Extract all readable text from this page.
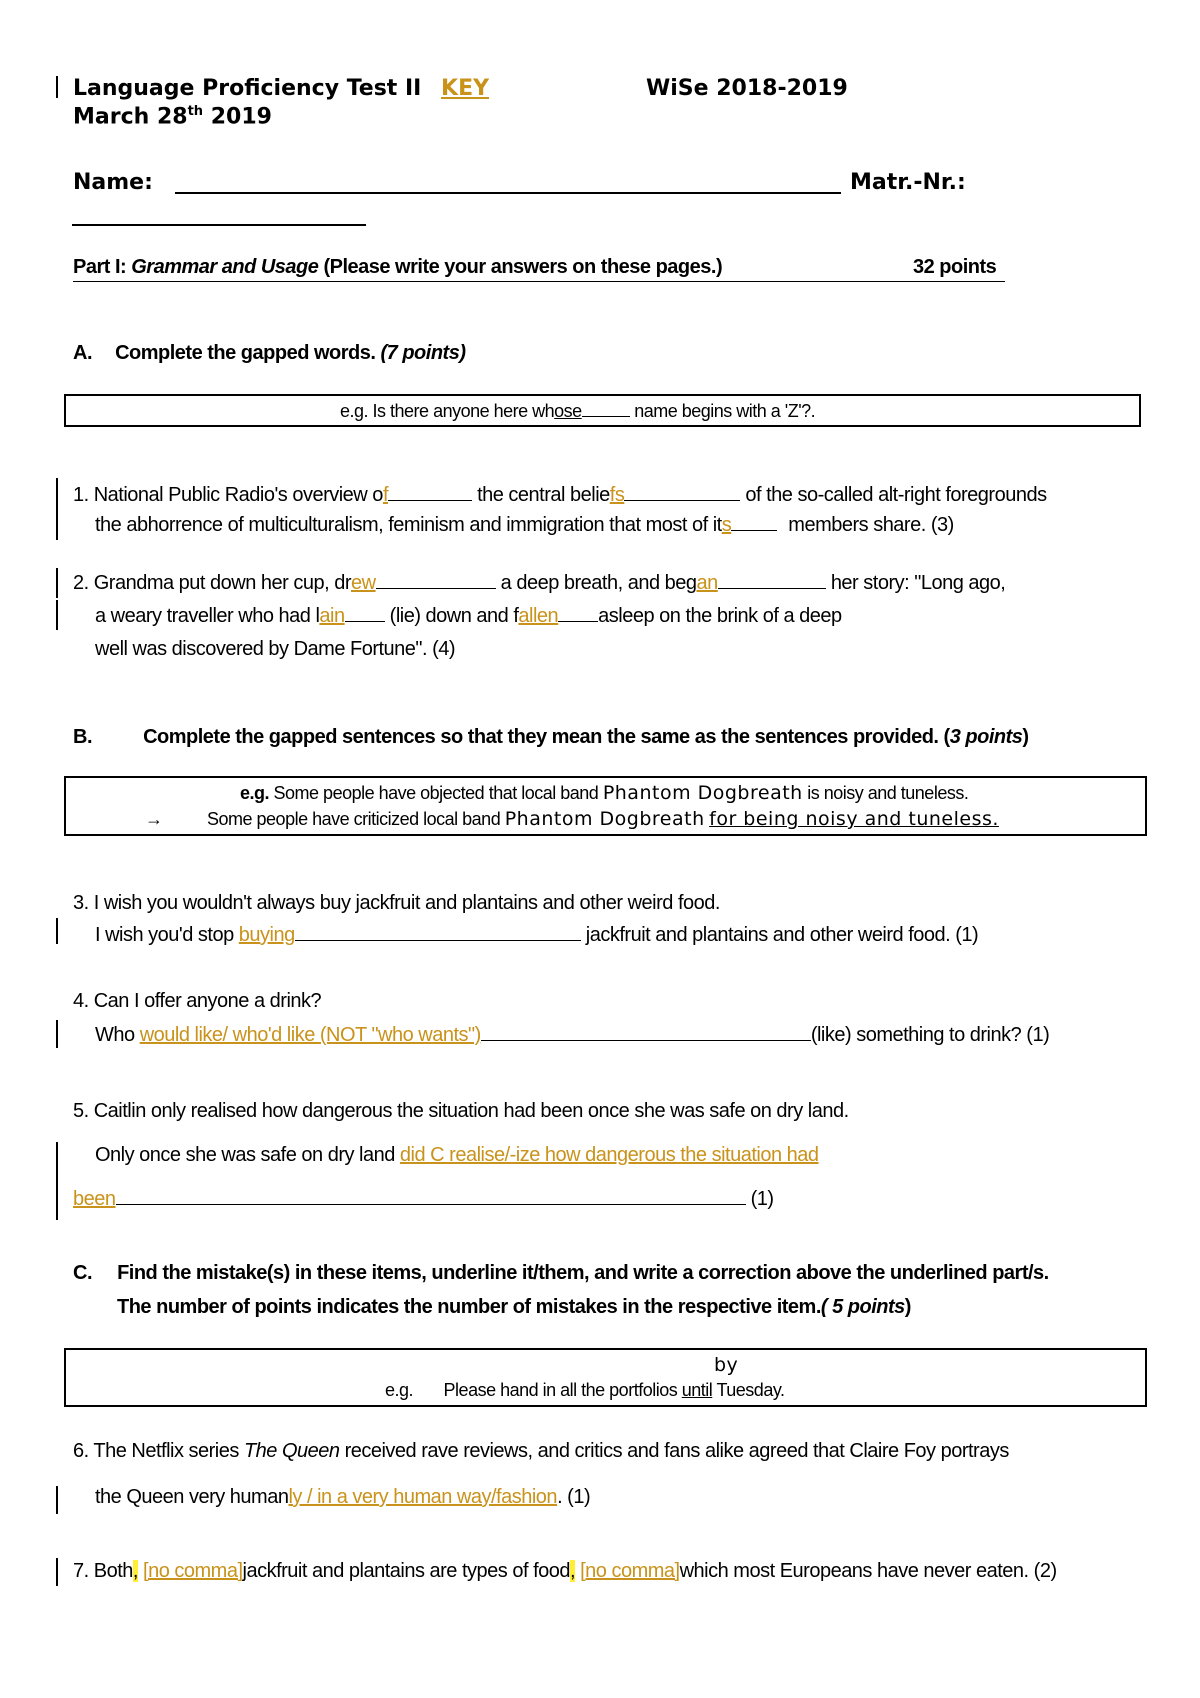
Language Proficiency Test II KEY	WiSe 2018-2019
March 28th 2019
Name:	Matr.-Nr.:
Part I: Grammar and Usage (Please write your answers on these pages.)	32 points
A. Complete the gapped words. (7 points)
e.g. Is there anyone here whose	name begins with a 'Z'?.
1. National Public Radio's overview of	the central beliefs	of the so-called alt-right foregrounds
the abhorrence of multiculturalism, feminism and immigration that most of its	members share. (3)
2. Grandma put down her cup, drew	a deep breath, and began	her story: "Long ago,
a weary traveller who had lain (lie) down and fallen asleep on the brink of a deep
well was discovered by Dame Fortune". (4)
B.	Complete the gapped sentences so that they mean the same as the sentences provided. (3 points)
e.g. Some people have objected that local band Phantom Dogbreath is noisy and tuneless.
→ Some people have criticized local band Phantom Dogbreath for being noisy and tuneless.
3. I wish you wouldn't always buy jackfruit and plantains and other weird food.
I wish you'd stop buying	jackfruit and plantains and other weird food. (1)
4. Can I offer anyone a drink?
Who would like/ who'd like (NOT "who wants")	(like) something to drink? (1)
5. Caitlin only realised how dangerous the situation had been once she was safe on dry land.
Only once she was safe on dry land did C realise/-ize how dangerous the situation had
been	(1)
C. Find the mistake(s) in these items, underline it/them, and write a correction above the underlined part/s.
The number of points indicates the number of mistakes in the respective item.( 5 points)
by
e.g. Please hand in all the portfolios until Tuesday.
6. The Netflix series The Queen received rave reviews, and critics and fans alike agreed that Claire Foy portrays
the Queen very humanly / in a very human way/fashion. (1)
7. Both, [no comma]jackfruit and plantains are types of food, [no comma]which most Europeans have never eaten. (2)
